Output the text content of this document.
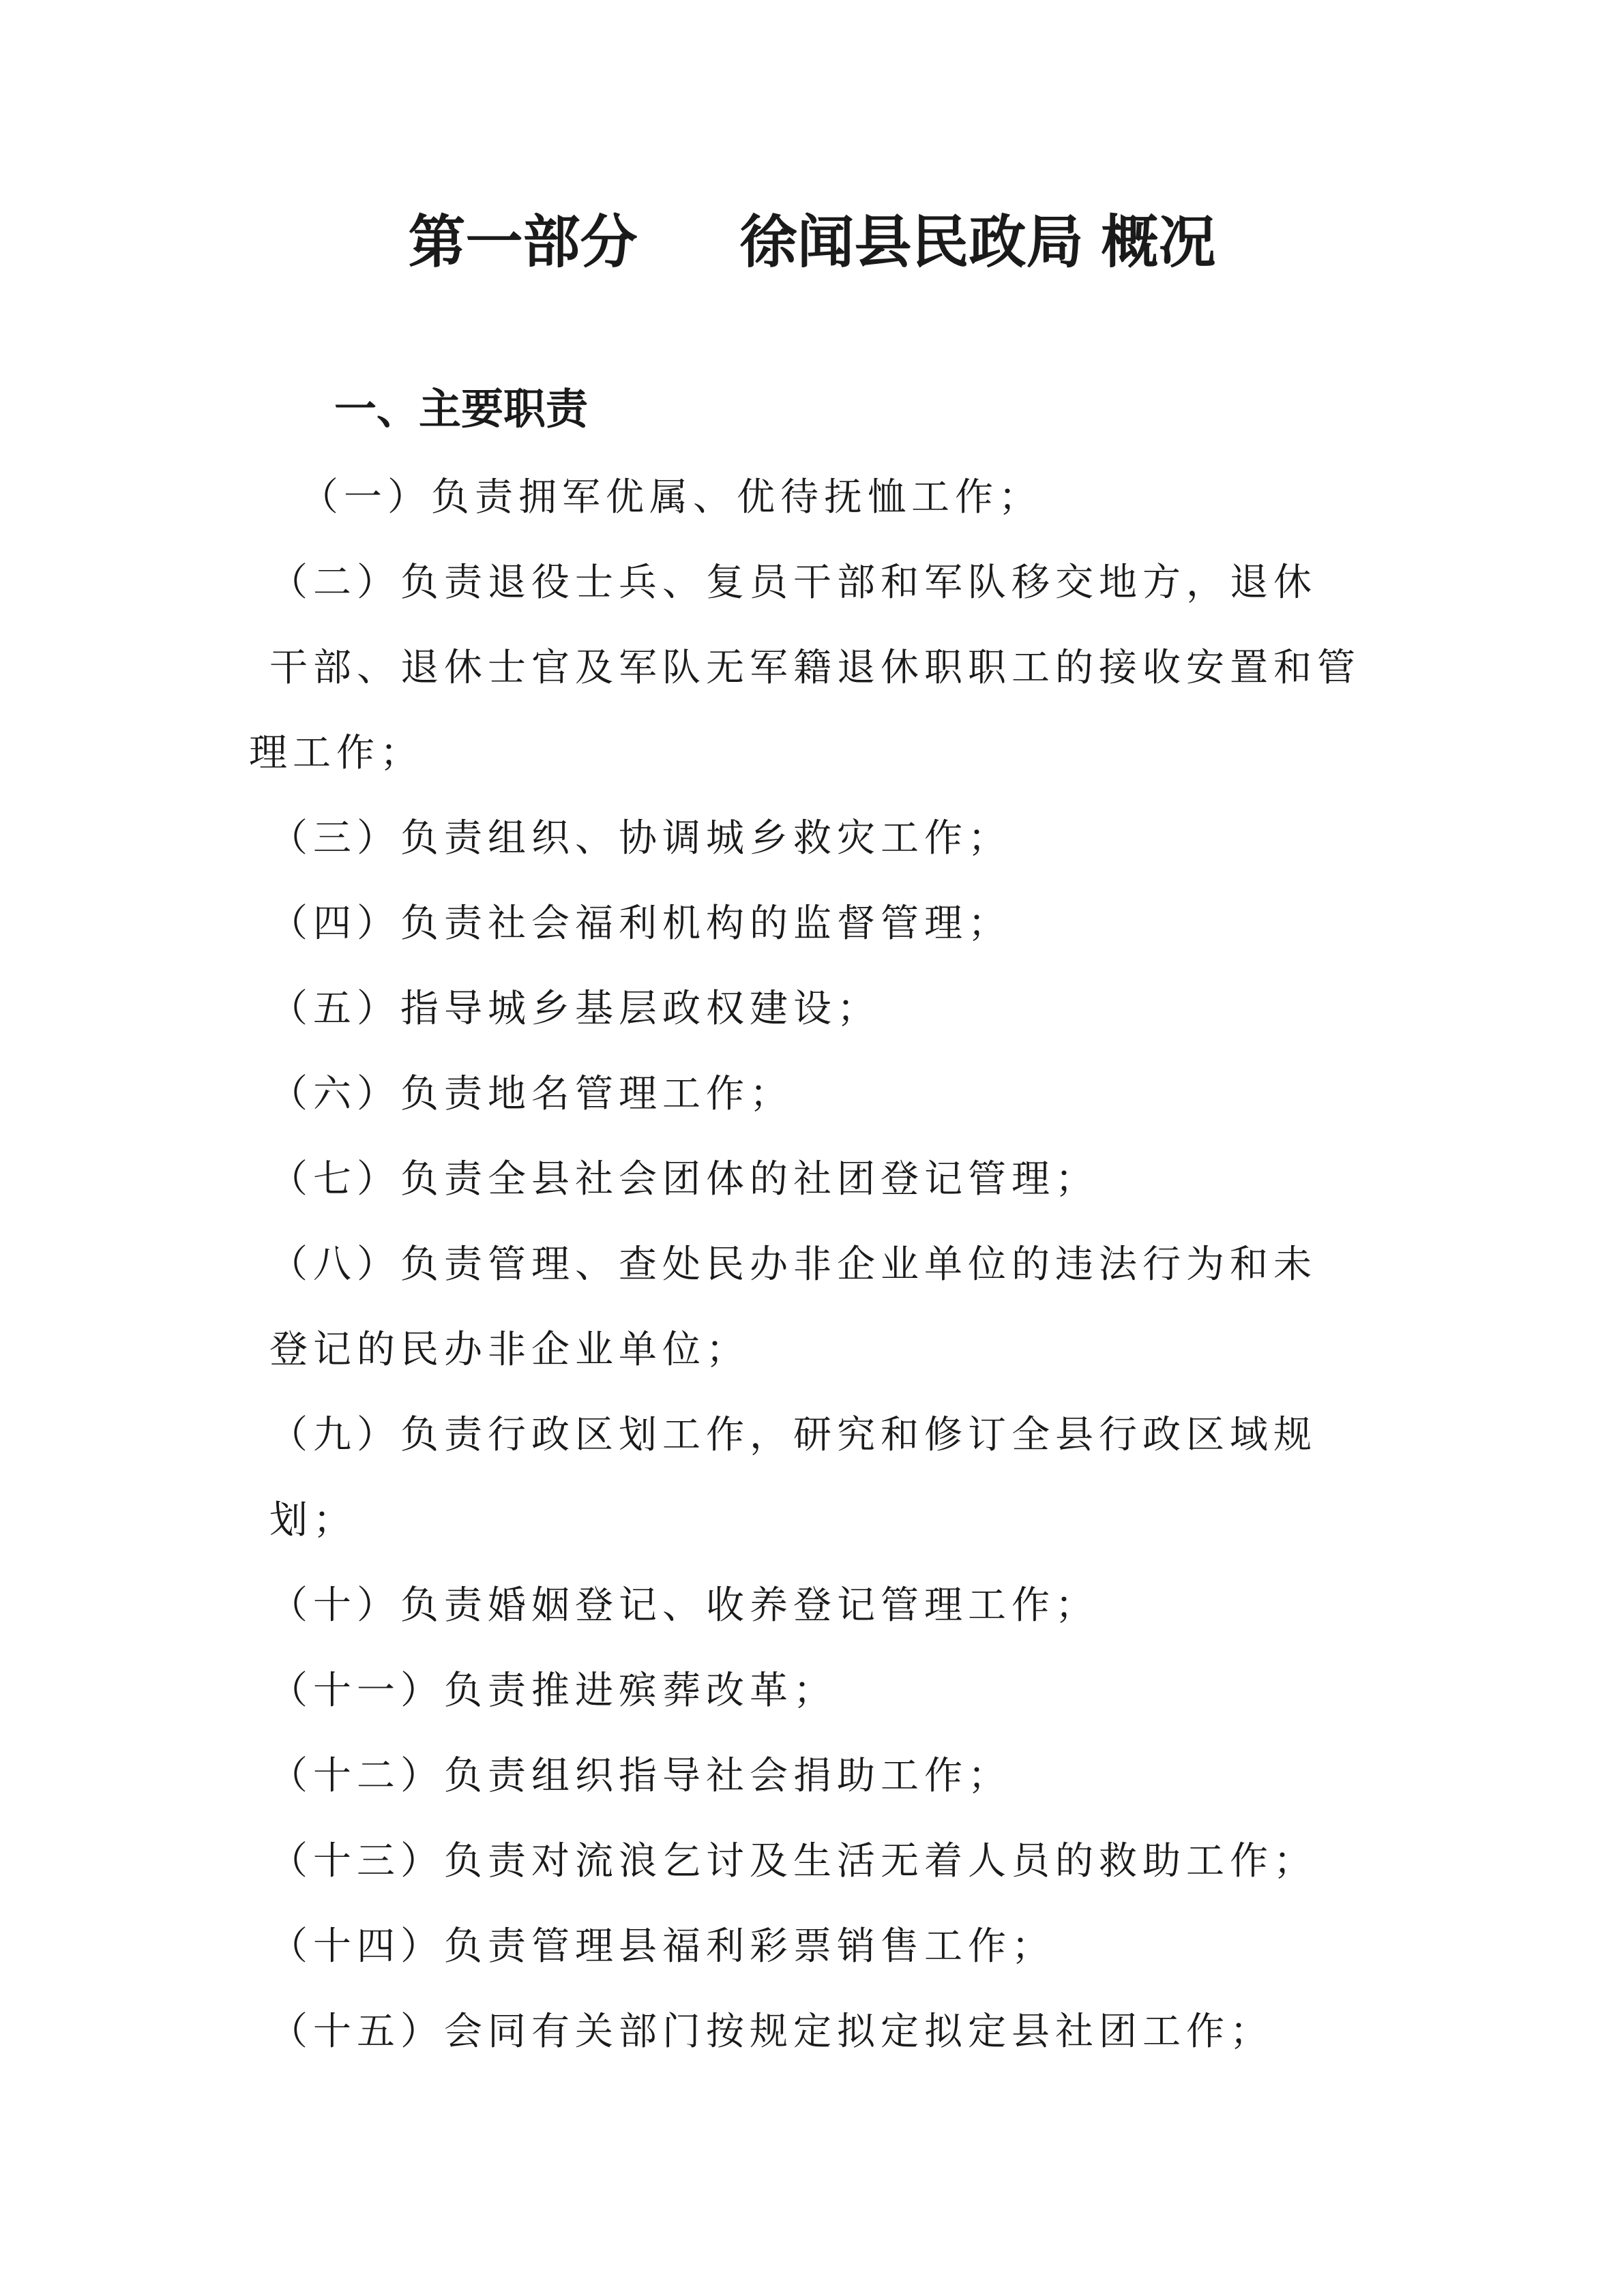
第一部分 徐闻县民政局 概况
一、主要职责
（一）负责拥军优属、优待抚恤工作；
（二）负责退役士兵、复员干部和军队移交地方，退休
干部、退休士官及军队无军籍退休职职工的接收安置和管
理工作；
（三）负责组织、协调城乡救灾工作；
（四）负责社会福利机构的监督管理；
（五）指导城乡基层政权建设；
（六）负责地名管理工作；
（七）负责全县社会团体的社团登记管理；
（八）负责管理、查处民办非企业单位的违法行为和未
登记的民办非企业单位；
（九）负责行政区划工作，研究和修订全县行政区域规
划；
（十）负责婚姻登记、收养登记管理工作；
（十一）负责推进殡葬改革；
（十二）负责组织指导社会捐助工作；
（十三）负责对流浪乞讨及生活无着人员的救助工作；
（十四）负责管理县福利彩票销售工作；
（十五）会同有关部门按规定拟定拟定县社团工作；
